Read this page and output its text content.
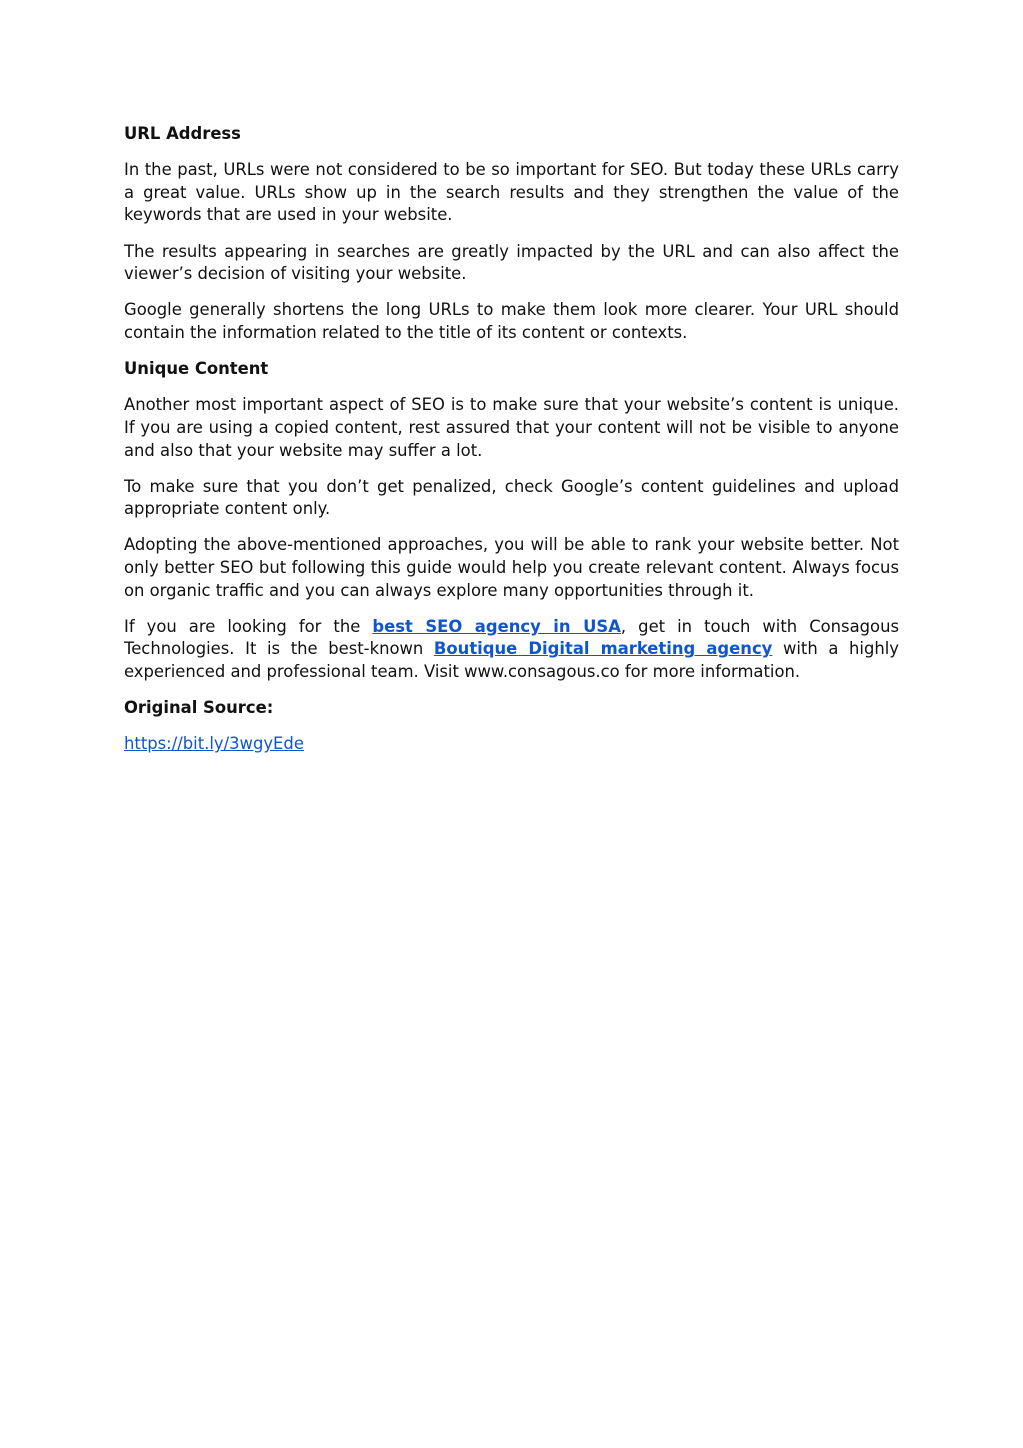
URL Address

In the past, URLs were not considered to be so important for SEO. But today these URLs carry a great value. URLs show up in the search results and they strengthen the value of the keywords that are used in your website.

The results appearing in searches are greatly impacted by the URL and can also affect the viewer’s decision of visiting your website.

Google generally shortens the long URLs to make them look more clearer. Your URL should contain the information related to the title of its content or contexts.

Unique Content

Another most important aspect of SEO is to make sure that your website’s content is unique. If you are using a copied content, rest assured that your content will not be visible to anyone and also that your website may suffer a lot.

To make sure that you don’t get penalized, check Google’s content guidelines and upload appropriate content only.

Adopting the above-mentioned approaches, you will be able to rank your website better. Not only better SEO but following this guide would help you create relevant content. Always focus on organic traffic and you can always explore many opportunities through it.

If you are looking for the best SEO agency in USA, get in touch with Consagous Technologies. It is the best-known Boutique Digital marketing agency with a highly experienced and professional team. Visit www.consagous.co for more information.

Original Source:
https://bit.ly/3wgyEde
